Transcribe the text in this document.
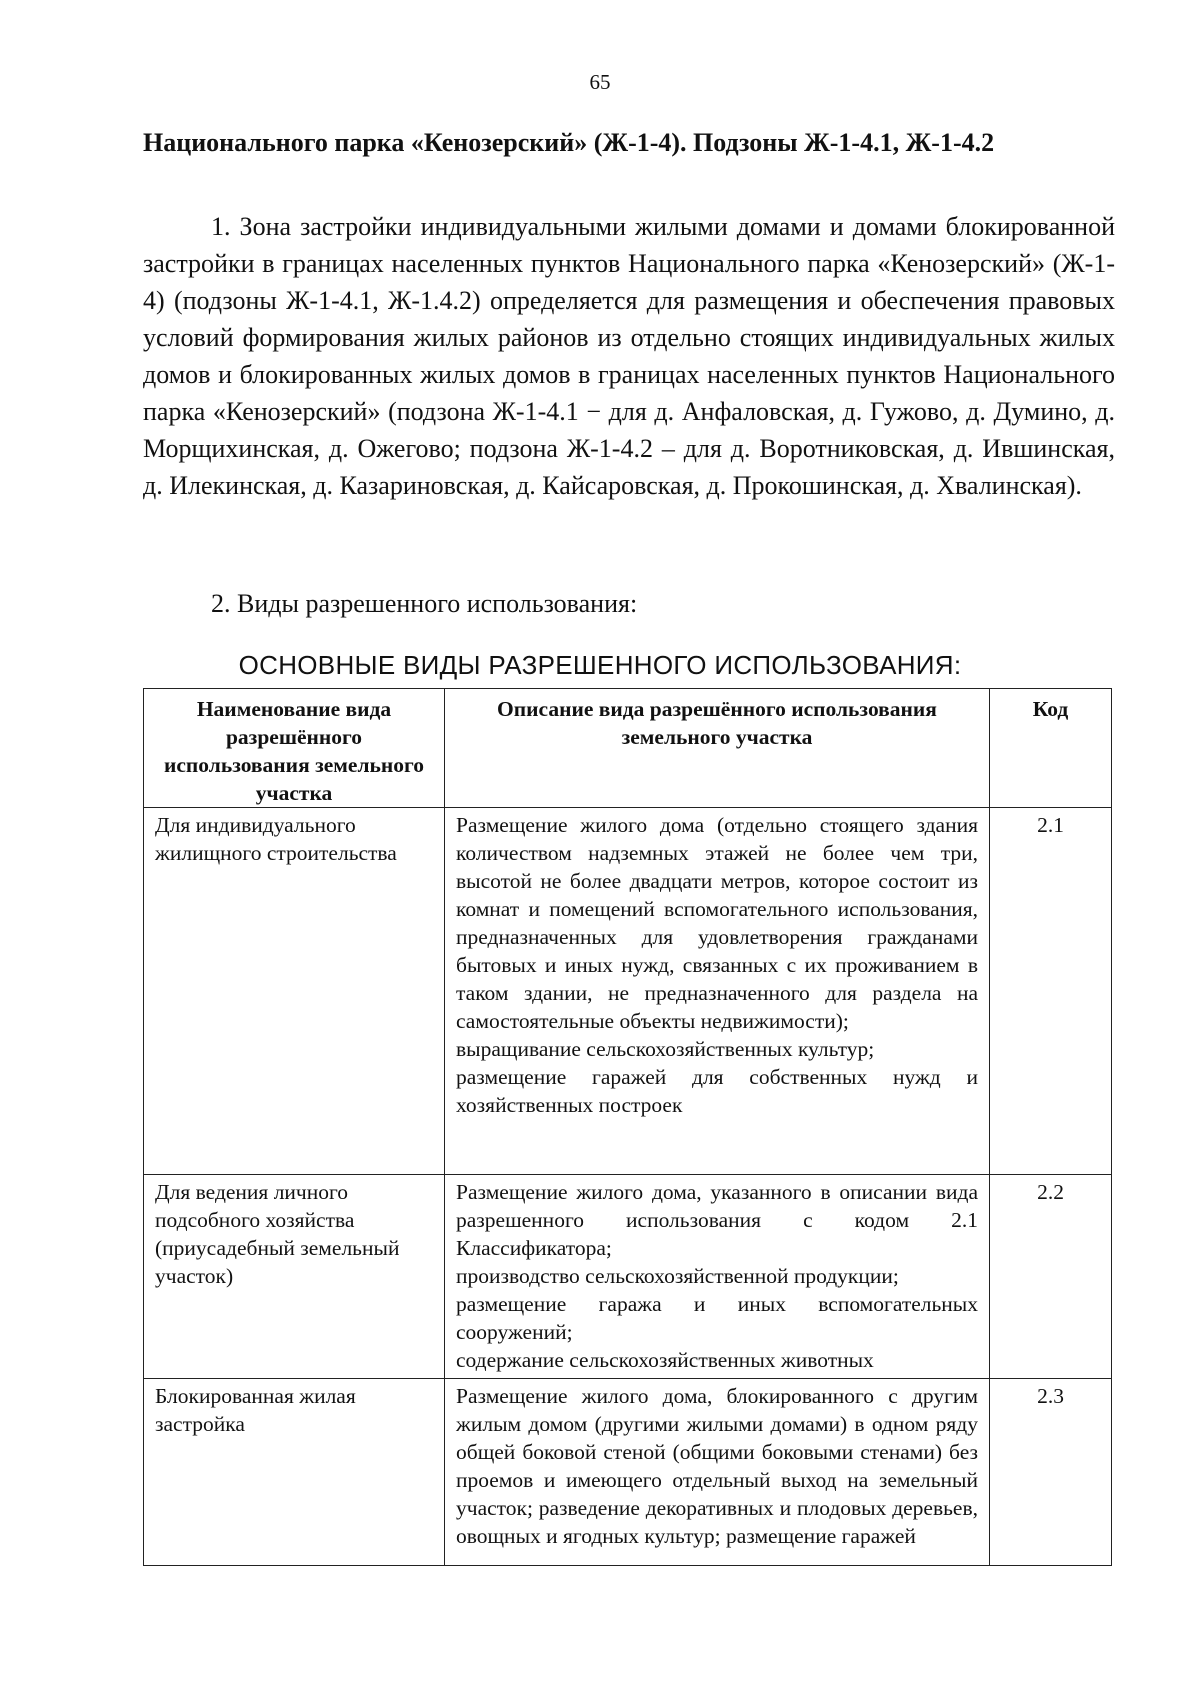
65
Национального парка «Кенозерский» (Ж-1-4). Подзоны Ж-1-4.1, Ж-1-4.2
1. Зона застройки индивидуальными жилыми домами и домами блокированной застройки в границах населенных пунктов Национального парка «Кенозерский» (Ж-1-4) (подзоны Ж-1-4.1, Ж-1.4.2) определяется для размещения и обеспечения правовых условий формирования жилых районов из отдельно стоящих индивидуальных жилых домов и блокированных жилых домов в границах населенных пунктов Национального парка «Кенозерский» (подзона Ж-1-4.1 − для д. Анфаловская, д. Гужово, д. Думино, д. Морщихинская, д. Ожегово; подзона Ж-1-4.2 – для д. Воротниковская, д. Ившинская, д. Илекинская, д. Казариновская, д. Кайсаровская, д. Прокошинская, д. Хвалинская).
2. Виды разрешенного использования:
ОСНОВНЫЕ ВИДЫ РАЗРЕШЕННОГО ИСПОЛЬЗОВАНИЯ:
Наименование вида разрешённого использования земельного участка	Описание вида разрешённого использования земельного участка	Код
Для индивидуального жилищного строительства	Размещение жилого дома (отдельно стоящего здания количеством надземных этажей не более чем три, высотой не более двадцати метров, которое состоит из комнат и помещений вспомогательного использования, предназначенных для удовлетворения гражданами бытовых и иных нужд, связанных с их проживанием в таком здании, не предназначенного для раздела на самостоятельные объекты недвижимости);
выращивание сельскохозяйственных культур;
размещение гаражей для собственных нужд и хозяйственных построек	2.1
Для ведения личного подсобного хозяйства (приусадебный земельный участок)	Размещение жилого дома, указанного в описании вида разрешенного использования с кодом 2.1 Классификатора;
производство сельскохозяйственной продукции;
размещение гаража и иных вспомогательных сооружений;
содержание сельскохозяйственных животных	2.2
Блокированная жилая застройка	Размещение жилого дома, блокированного с другим жилым домом (другими жилыми домами) в одном ряду общей боковой стеной (общими боковыми стенами) без проемов и имеющего отдельный выход на земельный участок; разведение декоративных и плодовых деревьев, овощных и ягодных культур; размещение гаражей	2.3
